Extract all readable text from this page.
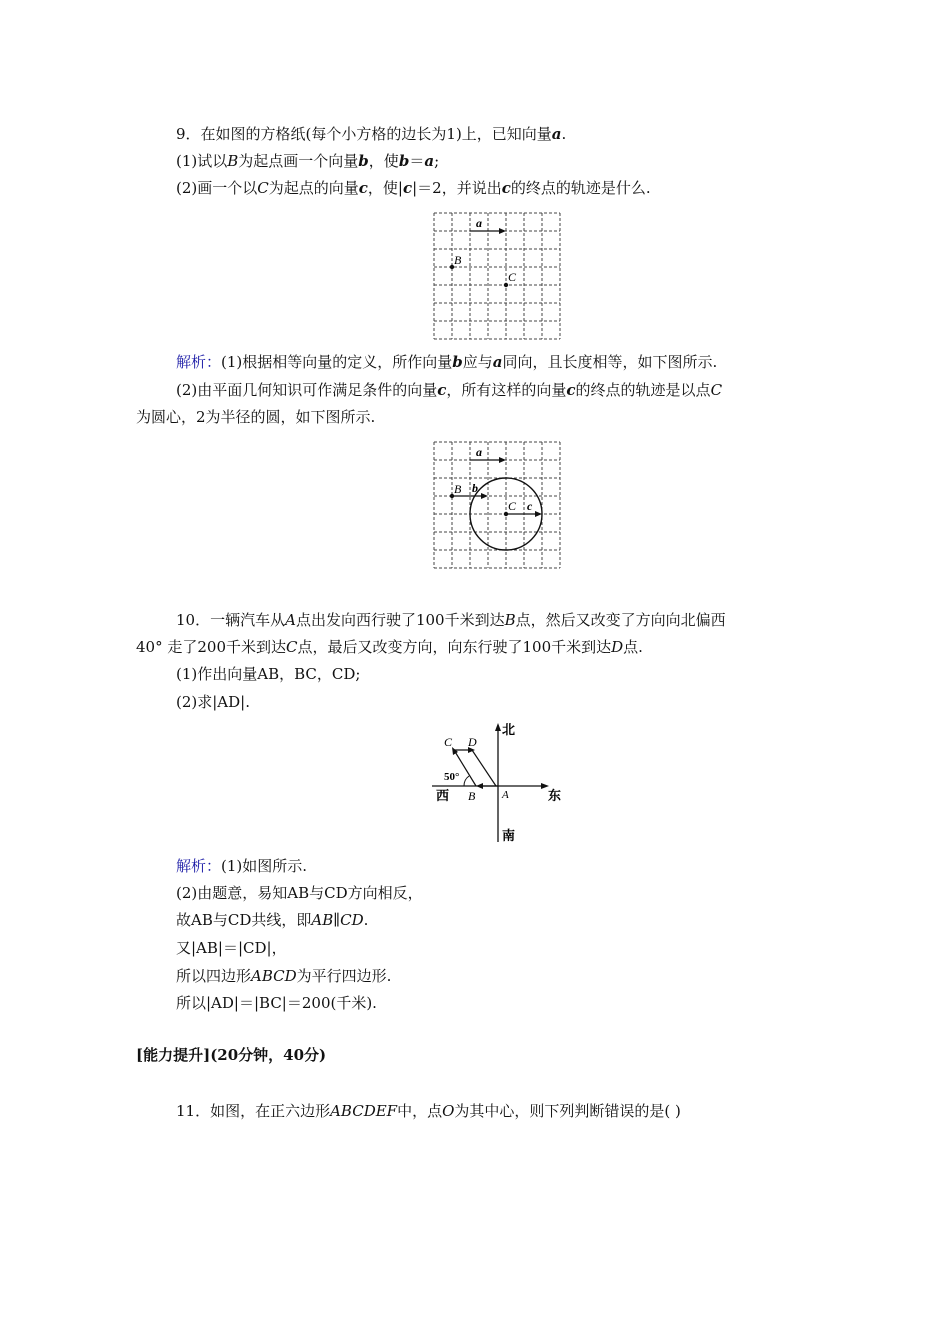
9．在如图的方格纸(每个小方格的边长为1)上，已知向量a.
(1)试以B为起点画一个向量b，使b＝a;
(2)画一个以C为起点的向量c，使|c|＝2，并说出c的终点的轨迹是什么.
a
B
C
解析：(1)根据相等向量的定义，所作向量b应与a同向，且长度相等，如下图所示.
(2)由平面几何知识可作满足条件的向量c，所有这样的向量c的终点的轨迹是以点C
为圆心，2为半径的圆，如下图所示.
a
B b
C c
10．一辆汽车从A点出发向西行驶了100千米到达B点，然后又改变了方向向北偏西
40° 走了200千米到达C点，最后又改变方向，向东行驶了100千米到达D点.
(1)作出向量AB，BC，CD;
(2)求|AD|.
北
东
西
南
50°
C D
B A
解析：(1)如图所示.
(2)由题意，易知AB与CD方向相反，
故AB与CD共线，即AB∥CD.
又|AB|＝|CD|，
所以四边形ABCD为平行四边形.
所以|AD|＝|BC|＝200(千米).
[能力提升](20分钟，40分)
11．如图，在正六边形ABCDEF中，点O为其中心，则下列判断错误的是( )
